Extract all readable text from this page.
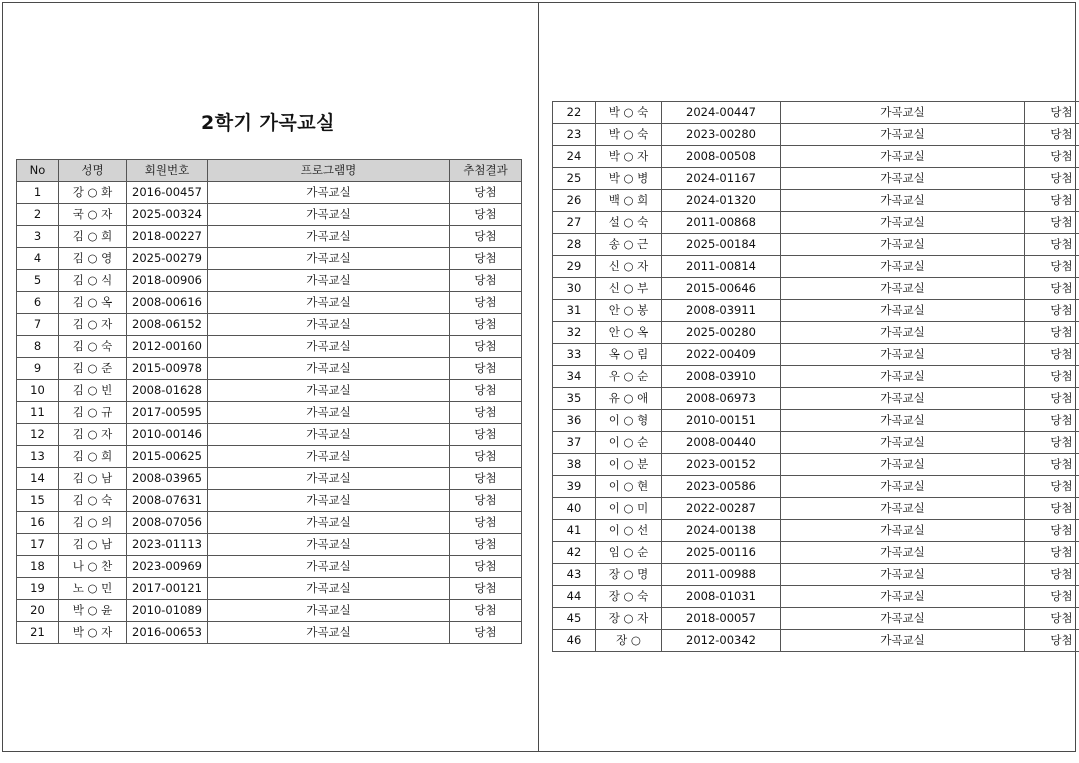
2학기 가곡교실
No	성명	회원번호	프로그램명	추첨결과
1	강 ○ 화	2016-00457	가곡교실	당첨
2	국 ○ 자	2025-00324	가곡교실	당첨
3	김 ○ 희	2018-00227	가곡교실	당첨
4	김 ○ 영	2025-00279	가곡교실	당첨
5	김 ○ 식	2018-00906	가곡교실	당첨
6	김 ○ 옥	2008-00616	가곡교실	당첨
7	김 ○ 자	2008-06152	가곡교실	당첨
8	김 ○ 숙	2012-00160	가곡교실	당첨
9	김 ○ 준	2015-00978	가곡교실	당첨
10	김 ○ 빈	2008-01628	가곡교실	당첨
11	김 ○ 규	2017-00595	가곡교실	당첨
12	김 ○ 자	2010-00146	가곡교실	당첨
13	김 ○ 희	2015-00625	가곡교실	당첨
14	김 ○ 남	2008-03965	가곡교실	당첨
15	김 ○ 숙	2008-07631	가곡교실	당첨
16	김 ○ 의	2008-07056	가곡교실	당첨
17	김 ○ 남	2023-01113	가곡교실	당첨
18	나 ○ 찬	2023-00969	가곡교실	당첨
19	노 ○ 민	2017-00121	가곡교실	당첨
20	박 ○ 윤	2010-01089	가곡교실	당첨
21	박 ○ 자	2016-00653	가곡교실	당첨
22	박 ○ 숙	2024-00447	가곡교실	당첨
23	박 ○ 숙	2023-00280	가곡교실	당첨
24	박 ○ 자	2008-00508	가곡교실	당첨
25	박 ○ 병	2024-01167	가곡교실	당첨
26	백 ○ 희	2024-01320	가곡교실	당첨
27	설 ○ 숙	2011-00868	가곡교실	당첨
28	송 ○ 근	2025-00184	가곡교실	당첨
29	신 ○ 자	2011-00814	가곡교실	당첨
30	신 ○ 부	2015-00646	가곡교실	당첨
31	안 ○ 봉	2008-03911	가곡교실	당첨
32	안 ○ 옥	2025-00280	가곡교실	당첨
33	옥 ○ 림	2022-00409	가곡교실	당첨
34	우 ○ 순	2008-03910	가곡교실	당첨
35	유 ○ 애	2008-06973	가곡교실	당첨
36	이 ○ 형	2010-00151	가곡교실	당첨
37	이 ○ 순	2008-00440	가곡교실	당첨
38	이 ○ 분	2023-00152	가곡교실	당첨
39	이 ○ 현	2023-00586	가곡교실	당첨
40	이 ○ 미	2022-00287	가곡교실	당첨
41	이 ○ 선	2024-00138	가곡교실	당첨
42	임 ○ 순	2025-00116	가곡교실	당첨
43	장 ○ 명	2011-00988	가곡교실	당첨
44	장 ○ 숙	2008-01031	가곡교실	당첨
45	장 ○ 자	2018-00057	가곡교실	당첨
46	장 ○	2012-00342	가곡교실	당첨
